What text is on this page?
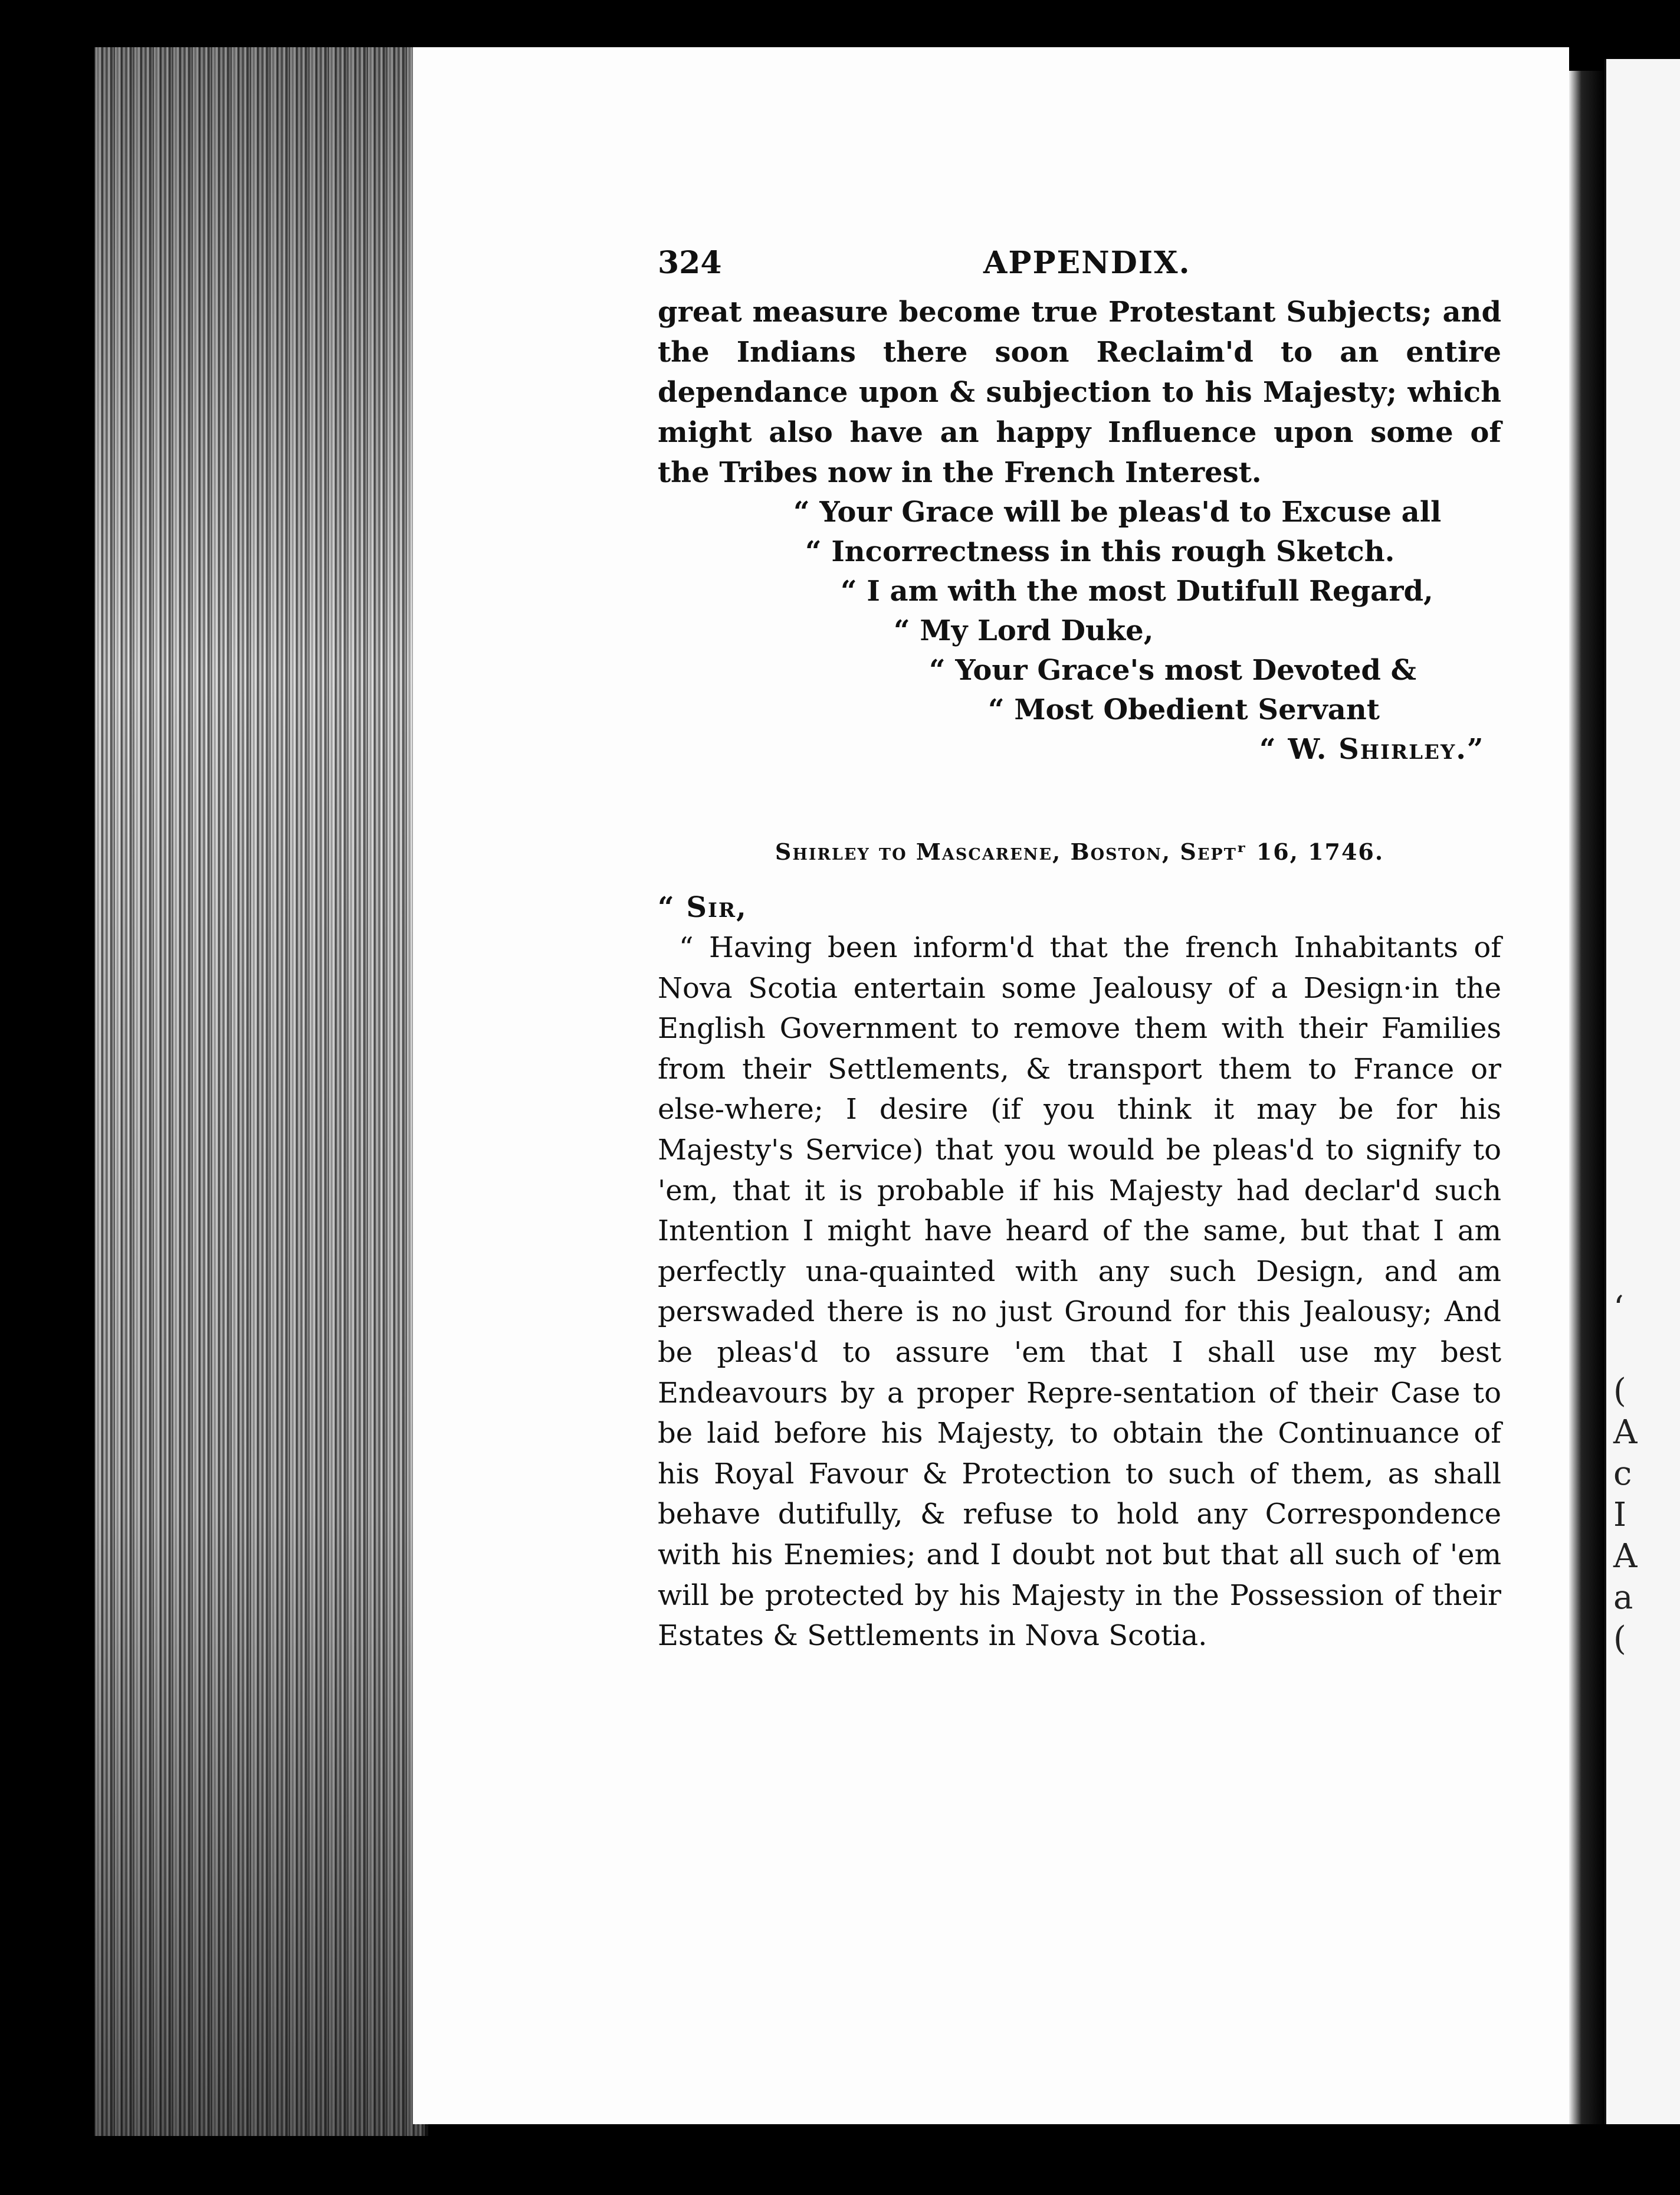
‘
(
A
c
I
A
a
(
324	APPENDIX.

great measure become true Protestant Subjects; and the Indians there soon Reclaim'd to an entire dependance upon & subjection to his Majesty; which might also have an happy Influence upon some of the Tribes now in the French Interest.

“ Your Grace will be pleas'd to Excuse all
“ Incorrectness in this rough Sketch.
“ I am with the most Dutifull Regard,
“ My Lord Duke,
“ Your Grace's most Devoted &
“ Most Obedient Servant
“ W. Shirley.”
Shirley to Mascarene, Boston, Septʳ 16, 1746.

“ Sir,

“ Having been inform'd that the french Inhabitants of Nova Scotia entertain some Jealousy of a Design·in the English Government to remove them with their Families from their Settlements, & transport them to France or else-where; I desire (if you think it may be for his Majesty's Service) that you would be pleas'd to signify to 'em, that it is probable if his Majesty had declar'd such Intention I might have heard of the same, but that I am perfectly una-quainted with any such Design, and am perswaded there is no just Ground for this Jealousy; And be pleas'd to assure 'em that I shall use my best Endeavours by a proper Repre-sentation of their Case to be laid before his Majesty, to obtain the Continuance of his Royal Favour & Protection to such of them, as shall behave dutifully, & refuse to hold any Correspondence with his Enemies; and I doubt not but that all such of 'em will be protected by his Majesty in the Possession of their Estates & Settlements in Nova Scotia.
